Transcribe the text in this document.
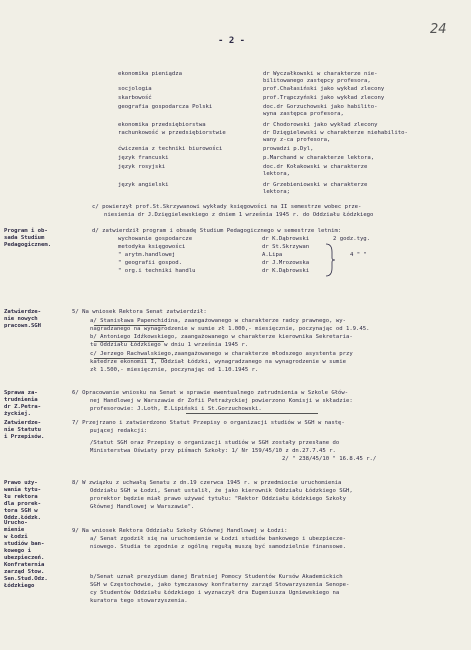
- 2 -
24
ekonomika pieniądza	dr Wyczałkowski w charakterze nie-
bilitowanego zastępcy profesora,
socjologia	prof.Chałasiński jako wykład zlecony
skarbowość	prof.Trąpczyński jako wykład zlecony
geografia gospodarcza Polski	doc.dr Gorzuchowski jako habilito-
wyna zastępca profesora,
ekonomika przedsiębiorstwa	dr Chodorowski jako wykład zlecony
rachunkowość w przedsiębiorstwie	dr Dzięgielewski w charakterze niehabilito-
wany z-ca profesora,
ćwiczenia z techniki biurowości	prowadzi p.Dyl,
język francuski	p.Marchand w charakterze lektora,
język rosyjski	doc.dr Kołakowski w charakterze
lektora,
język angielski	dr Grzebieniowski w charakterze
lektora;
c/ powierzył prof.St.Skrzywanowi wykłady księgowości na II semestrze wobec prze-
niesienia dr J.Dzięgielewskiego z dniem 1 września 1945 r. do Oddziału Łódzkiego
Program i ob-
sada Studium
Pedagogicznem.
d/ zatwierdził program i obsadę Studium Pedagogicznego w semestrze letnim:
wychowanie gospodarcze	dr K.Dąbrowski	2 godz.tyg.
metodyka księgowości	dr St.Skrzywan
" arytm.handlowej	A.Lipa	4 " "
" geografii gospod.	dr J.Mrozowska
" org.i techniki handlu	dr K.Dąbrowski
Zatwierdze-
nie nowych
pracown.SGH
5/ Na wniosek Rektora Senat zatwierdził:
a/ Stanisława Papenchidina, zaangażowanego w charakterze radcy prawnego, wy-
nagradzanego na wynagrodzenie w sumie zł 1.000,- miesięcznie, poczynając od 1.9.45.
b/ Antoniego Idźkowskiego, zaangażowanego w charakterze kierownika Sekretaria-
tu Oddziału Łódzkiego w dniu 1 września 1945 r.
c/ Jerzego Rachwalskiego,zaangażowanego w charakterze młodszego asystenta przy
katedrze ekonomii I, Oddział Łódzki, wynagradzanego na wynagrodzenie w sumie
zł 1.500,- miesięcznie, poczynając od 1.10.1945 r.
Sprawa za-
trudnienia
dr Z.Petra-
życkiej.
6/ Opracowanie wniosku na Senat w sprawie ewentualnego zatrudnienia w Szkole Głów-
nej Handlowej w Warszawie dr Zofii Petrażyckiej powierzono Komisji w składzie:
profesorowie: J.Loth, E.Lipiński i St.Gorzuchowski.
Zatwierdze-
nie Statutu
i Przepisów.
7/ Przejrzano i zatwierdzono Statut Przepisy o organizacji studiów w SGH w nastę-
pującej redakcji:
/Statut SGH oraz Przepisy o organizacji studiów w SGH zostały przesłane do
Ministerstwa Oświaty przy piśmach Szkoły: 1/ Nr 159/45/10 z dn.27.7.45 r.
2/ " 238/45/10 " 16.8.45 r./
Prawo uży-
wania tytu-
łu rektora
dla prorek-
tora SGH w
Oddz.Łódzk.
8/ W związku z uchwałą Senatu z dn.19 czerwca 1945 r. w przedmiocie uruchomienia
Oddziału SGH w Łodzi, Senat ustalił, że jako kierownik Oddziału Łódzkiego SGH,
prorektor będzie miał prawo używać tytułu: "Rektor Oddziału Łódzkiego Szkoły
Głównej Handlowej w Warszawie".
Urucho-
mienie
w Łodzi
studiów ban-
kowego i
ubezpieczeń.
Konfraternia
zarząd Stow.
Sen.Stud.Odz.
Łódzkiego
9/ Na wniosek Rektora Oddziału Szkoły Głównej Handlowej w Łodzi:
a/ Senat zgodził się na uruchomienie w Łodzi studiów bankowego i ubezpiecze-
niowego. Studia te zgodnie z ogólną regułą muszą być samodzielnie finansowe.
b/Senat uznał prezydium danej Bratniej Pomocy Studentów Kursów Akademickich
SGH w Częstochowie, jako tymczasowy konfraterny zarząd Stowarzyszenia Senope-
cy Studentów Oddziału Łódzkiego i wyznaczył dra Eugeniusza Ugniewskiego na
kuratora tego stowarzyszenia.
